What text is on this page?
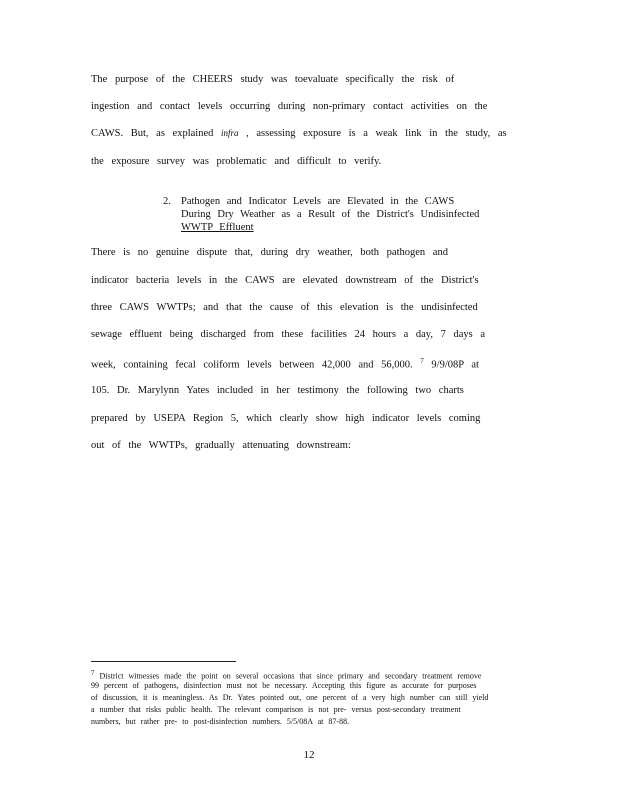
The purpose of the CHEERS study was toevaluate specifically the risk of
ingestion and contact levels occurring during non-primary contact activities on the
CAWS. But, as explained infra , assessing exposure is a weak link in the study, as
the exposure survey was problematic and difficult to verify.
2. Pathogen and Indicator Levels are Elevated in the CAWS
During Dry Weather as a Result of the District's Undisinfected
WWTP Effluent
There is no genuine dispute that, during dry weather, both pathogen and
indicator bacteria levels in the CAWS are elevated downstream of the District's
three CAWS WWTPs; and that the cause of this elevation is the undisinfected
sewage effluent being discharged from these facilities 24 hours a day, 7 days a
week, containing fecal coliform levels between 42,000 and 56,000. $^7$ 9/9/08P at
105. Dr. Marylynn Yates included in her testimony the following two charts
prepared by USEPA Region 5, which clearly show high indicator levels coming
out of the WWTPs, gradually attenuating downstream:
7 District witnesses made the point on several occasions that since primary and secondary treatment remove
99 percent of pathogens, disinfection must not be necessary. Accepting this figure as accurate for purposes
of discussion, it is meaningless. As Dr. Yates pointed out, one percent of a very high number can still yield
a number that risks public health. The relevant comparison is not pre- versus post-secondary treatment
numbers, but rather pre- to post-disinfection numbers. 5/5/08A at 87-88.
12
